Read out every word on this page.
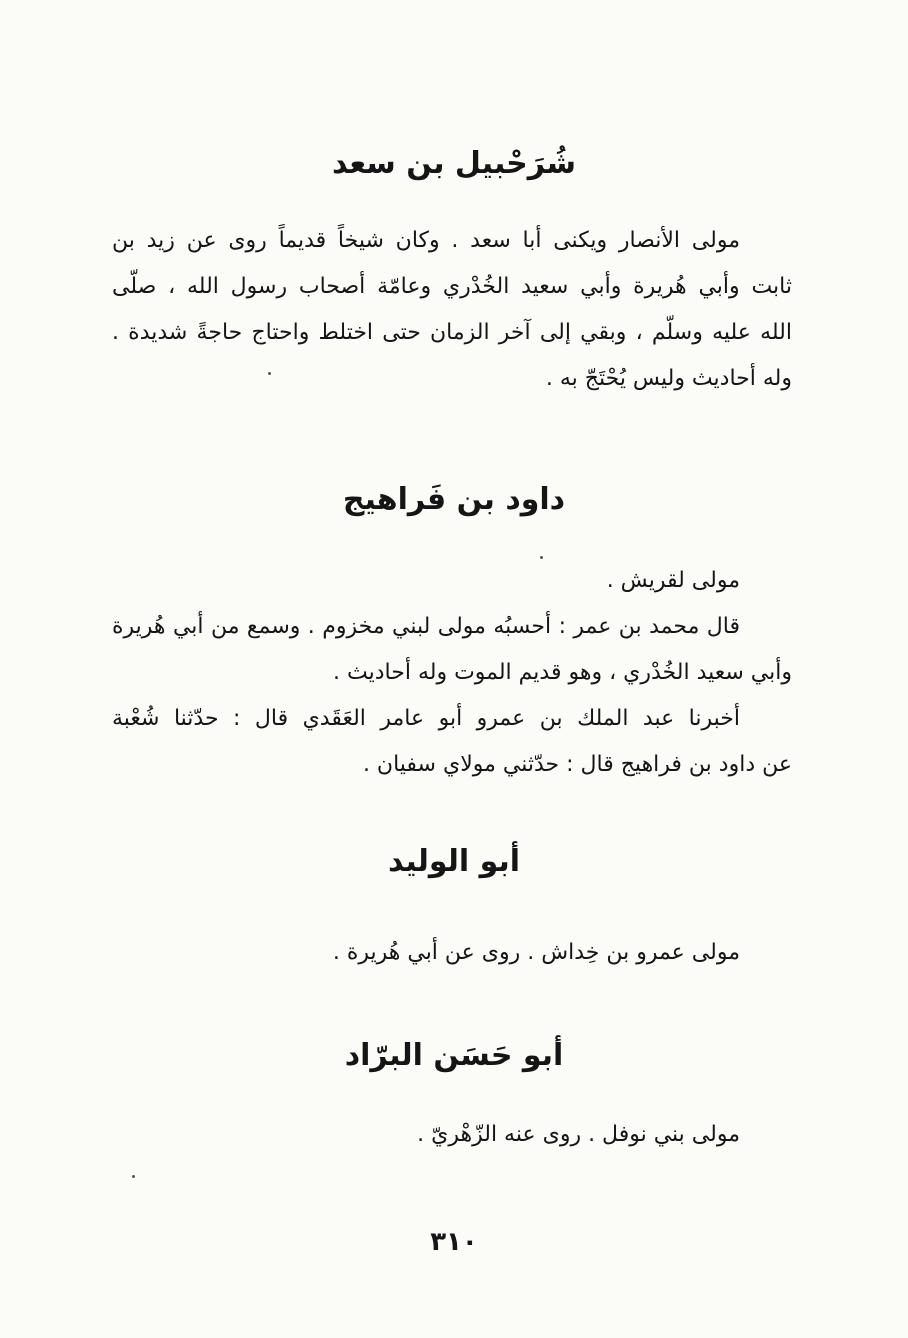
شُرَحْبيل بن سعد
مولى الأنصار ويكنى أبا سعد . وكان شيخاً قديماً روى عن زيد بن
ثابت وأبي هُريرة وأبي سعيد الخُدْري وعامّة أصحاب رسول الله ، صلّى
الله عليه وسلّم ، وبقي إلى آخر الزمان حتى اختلط واحتاج حاجةً شديدة .
وله أحاديث وليس يُحْتَجّ به .
داود بن فَراهيج
مولى لقريش .
قال محمد بن عمر : أحسبُه مولى لبني مخزوم . وسمع من أبي هُريرة
وأبي سعيد الخُدْري ، وهو قديم الموت وله أحاديث .
أخبرنا عبد الملك بن عمرو أبو عامر العَقَدي قال : حدّثنا شُعْبة
عن داود بن فراهيج قال : حدّثني مولاي سفيان .
أبو الوليد
مولى عمرو بن خِداش . روى عن أبي هُريرة .
أبو حَسَن البرّاد
مولى بني نوفل . روى عنه الزّهْريّ .
٣١٠
